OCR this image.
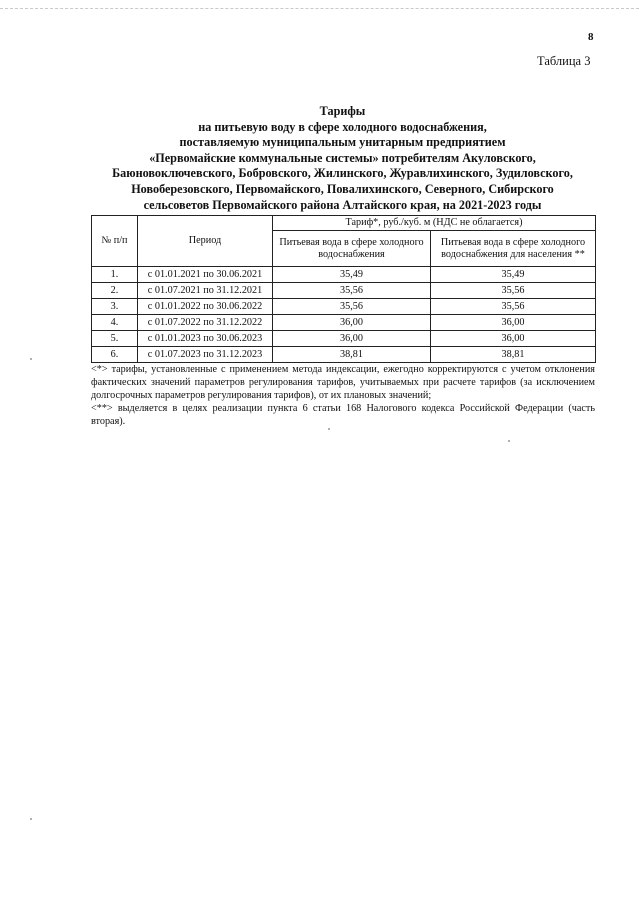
8
Таблица 3
Тарифы
на питьевую воду в сфере холодного водоснабжения,
поставляемую муниципальным унитарным предприятием
«Первомайские коммунальные системы» потребителям Акуловского,
Баюновоключевского, Бобровского, Жилинского, Журавлихинского, Зудиловского,
Новоберезовского, Первомайского, Повалихинского, Северного, Сибирского
сельсоветов Первомайского района Алтайского края, на 2021-2023 годы
№ п/п	Период	Тариф*, руб./куб. м (НДС не облагается)	
		Питьевая вода в сфере холодного водоснабжения	Питьевая вода в сфере холодного водоснабжения для населения **
1.	с 01.01.2021 по 30.06.2021	35,49	35,49
2.	с 01.07.2021 по 31.12.2021	35,56	35,56
3.	с 01.01.2022 по 30.06.2022	35,56	35,56
4.	с 01.07.2022 по 31.12.2022	36,00	36,00
5.	с 01.01.2023 по 30.06.2023	36,00	36,00
6.	с 01.07.2023 по 31.12.2023	38,81	38,81

<*> тарифы, установленные с применением метода индексации, ежегодно корректируются с учетом отклонения фактических значений параметров регулирования тарифов, учитываемых при расчете тарифов (за исключением долгосрочных параметров регулирования тарифов), от их плановых значений;

<**> выделяется в целях реализации пункта 6 статьи 168 Налогового кодекса Российской Федерации (часть вторая).
